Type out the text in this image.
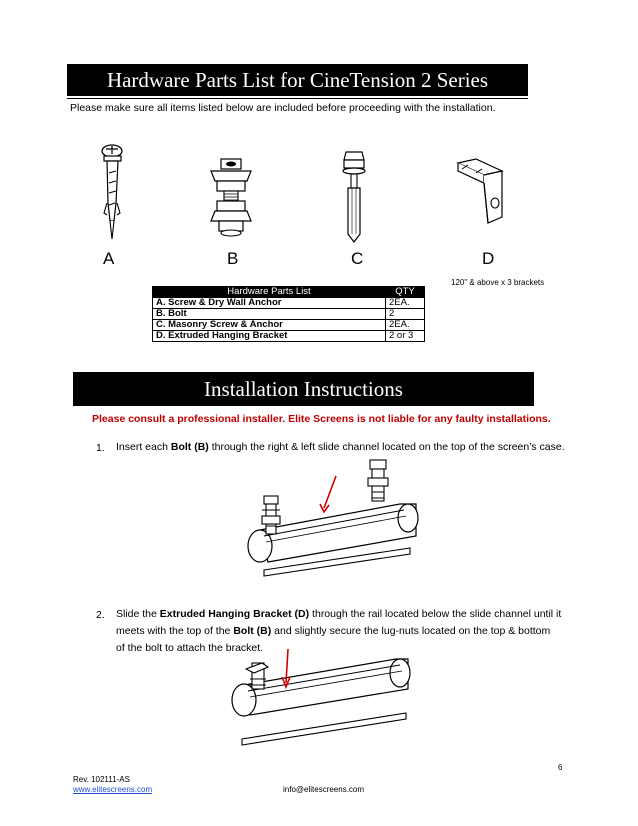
Hardware Parts List for CineTension 2 Series
Please make sure all items listed below are included before proceeding with the installation.
A	B	C	D
120" & above x 3 brackets
Hardware Parts List	QTY
A. Screw & Dry Wall Anchor	2EA.
B. Bolt	2
C. Masonry Screw & Anchor	2EA.
D. Extruded Hanging Bracket	2 or 3
Installation Instructions
Please consult a professional installer. Elite Screens is not liable for any faulty installations.
1. Insert each Bolt (B) through the right & left slide channel located on the top of the screen’s case.
2. Slide the Extruded Hanging Bracket (D) through the rail located below the slide channel until it
meets with the top of the Bolt (B) and slightly secure the lug-nuts located on the top & bottom
of the bolt to attach the bracket.
6
Rev. 102111-AS
www.elitescreens.com	info@elitescreens.com
